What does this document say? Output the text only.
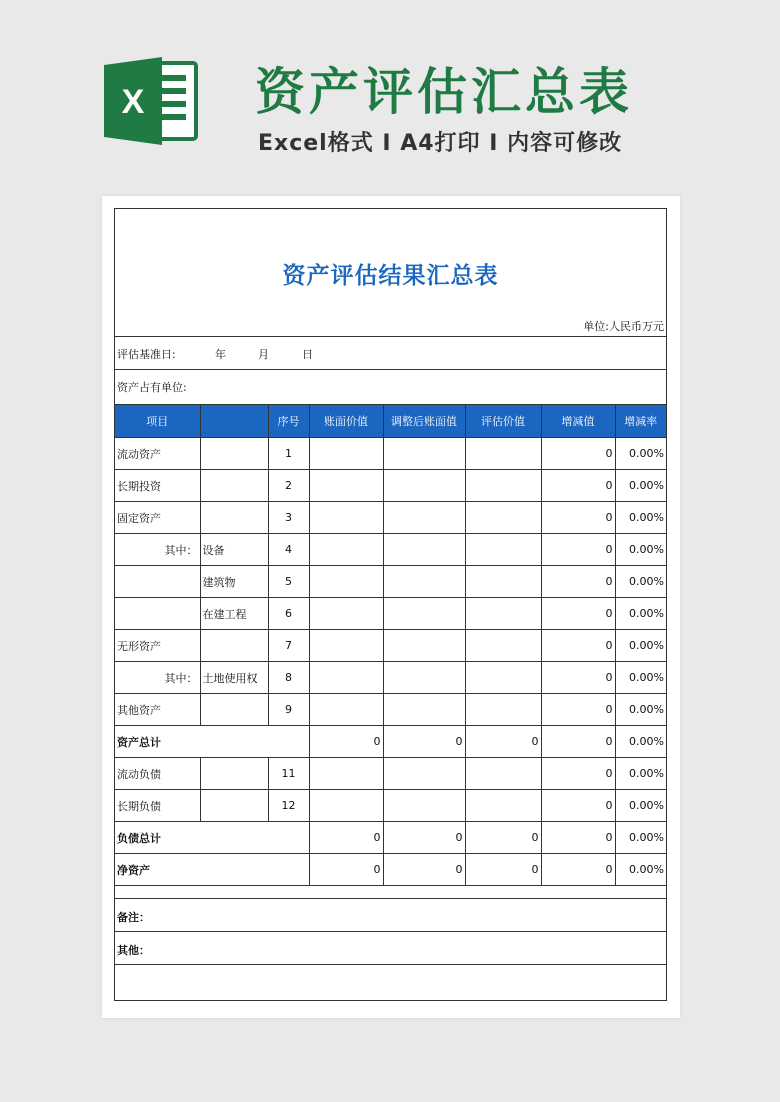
X 资产评估汇总表
Excel格式 I A4打印 I 内容可修改
资产评估结果汇总表
单位:人民币万元
评估基准日:	年	月	日
资产占有单位:
项目		序号	账面价值	调整后账面值	评估价值	增减值	增减率
流动资产		1				0	0.00%
长期投资		2				0	0.00%
固定资产		3				0	0.00%
其中：	设备	4				0	0.00%
	建筑物	5				0	0.00%
	在建工程	6				0	0.00%
无形资产		7				0	0.00%
其中：	土地使用权	8				0	0.00%
其他资产		9				0	0.00%
资产总计			0	0	0	0	0.00%
流动负债		11				0	0.00%
长期负债		12				0	0.00%
负债总计			0	0	0	0	0.00%
净资产			0	0	0	0	0.00%
备注：
其他：
